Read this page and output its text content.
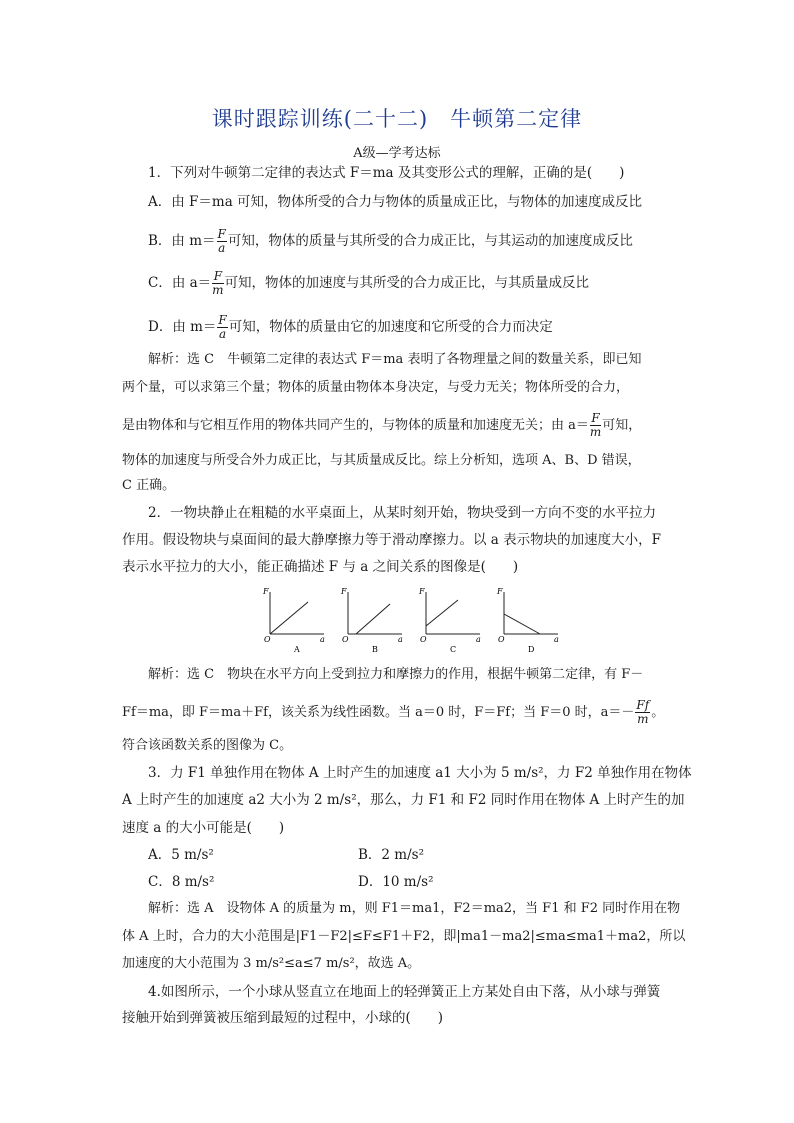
课时跟踪训练(二十二)　牛顿第二定律
A级—学考达标
1．下列对牛顿第二定律的表达式 F＝ma 及其变形公式的理解，正确的是(　　)
A．由 F＝ma 可知，物体所受的合力与物体的质量成正比，与物体的加速度成反比
B．由 $m= \frac{F}{a}$ 可知，物体的质量与其所受的合力成正比，与其运动的加速度成反比
C．由 $a= \frac{F}{m}$ 可知，物体的加速度与其所受的合力成正比，与其质量成反比
D．由 $m= \frac{F}{a}$ 可知，物体的质量由它的加速度和它所受的合力而决定
解析：选 C　牛顿第二定律的表达式 F＝ma 表明了各物理量之间的数量关系，即已知
两个量，可以求第三个量；物体的质量由物体本身决定，与受力无关；物体所受的合力，
是由物体和与它相互作用的物体共同产生的，与物体的质量和加速度无关；由 $a= \frac{F}{m}$ 可知，
物体的加速度与所受合外力成正比，与其质量成反比。综上分析知，选项 A、B、D 错误，
C 正确。
2．一物块静止在粗糙的水平桌面上，从某时刻开始，物块受到一方向不变的水平拉力
作用。假设物块与桌面间的最大静摩擦力等于滑动摩擦力。以 a 表示物块的加速度大小，F
表示水平拉力的大小，能正确描述 F 与 a 之间关系的图像是(　　)
F
O	a
A
F
O	a
B
F
O	a
C
F
O	a
D
解析：选 C　物块在水平方向上受到拉力和摩擦力的作用，根据牛顿第二定律，有 F－
Ff＝ma，即 F＝ma＋Ff，该关系为线性函数。当 a＝0 时，F＝Ff；当 F＝0 时，$a=- \frac{Ff}{m}$ 。
符合该函数关系的图像为 C。
3．力 F1 单独作用在物体 A 上时产生的加速度 a1 大小为 5 m/s²，力 F2 单独作用在物体
A 上时产生的加速度 a2 大小为 2 m/s²，那么，力 F1 和 F2 同时作用在物体 A 上时产生的加
速度 a 的大小可能是(　　)
A．5 m/s²	B．2 m/s²
C．8 m/s²	D．10 m/s²
解析：选 A　设物体 A 的质量为 m，则 F1＝ma1，F2＝ma2，当 F1 和 F2 同时作用在物
体 A 上时，合力的大小范围是|F1－F2|≤F≤F1＋F2，即|ma1－ma2|≤ma≤ma1＋ma2，所以
加速度的大小范围为 3 m/s²≤a≤7 m/s²，故选 A。
4.如图所示，一个小球从竖直立在地面上的轻弹簧正上方某处自由下落，从小球与弹簧
接触开始到弹簧被压缩到最短的过程中，小球的(　　)
